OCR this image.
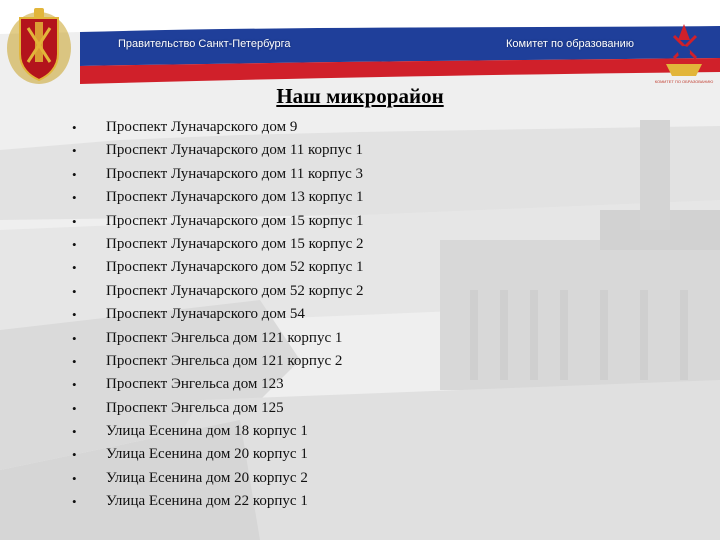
Правительство Санкт-Петербурга	Комитет по образованию
КОМИТЕТ ПО ОБРАЗОВАНИЮ
Наш микрорайон
• Проспект Луначарского дом 9
• Проспект Луначарского дом 11 корпус 1
• Проспект Луначарского дом 11 корпус 3
• Проспект Луначарского дом 13 корпус 1
• Проспект Луначарского дом 15 корпус 1
• Проспект Луначарского дом 15 корпус 2
• Проспект Луначарского дом 52 корпус 1
• Проспект Луначарского дом 52 корпус 2
• Проспект Луначарского дом 54
• Проспект Энгельса дом 121 корпус 1
• Проспект Энгельса дом 121 корпус 2
• Проспект Энгельса дом 123
• Проспект Энгельса дом 125
• Улица Есенина дом 18 корпус 1
• Улица Есенина дом 20 корпус 1
• Улица Есенина дом 20 корпус 2
• Улица Есенина дом 22 корпус 1
